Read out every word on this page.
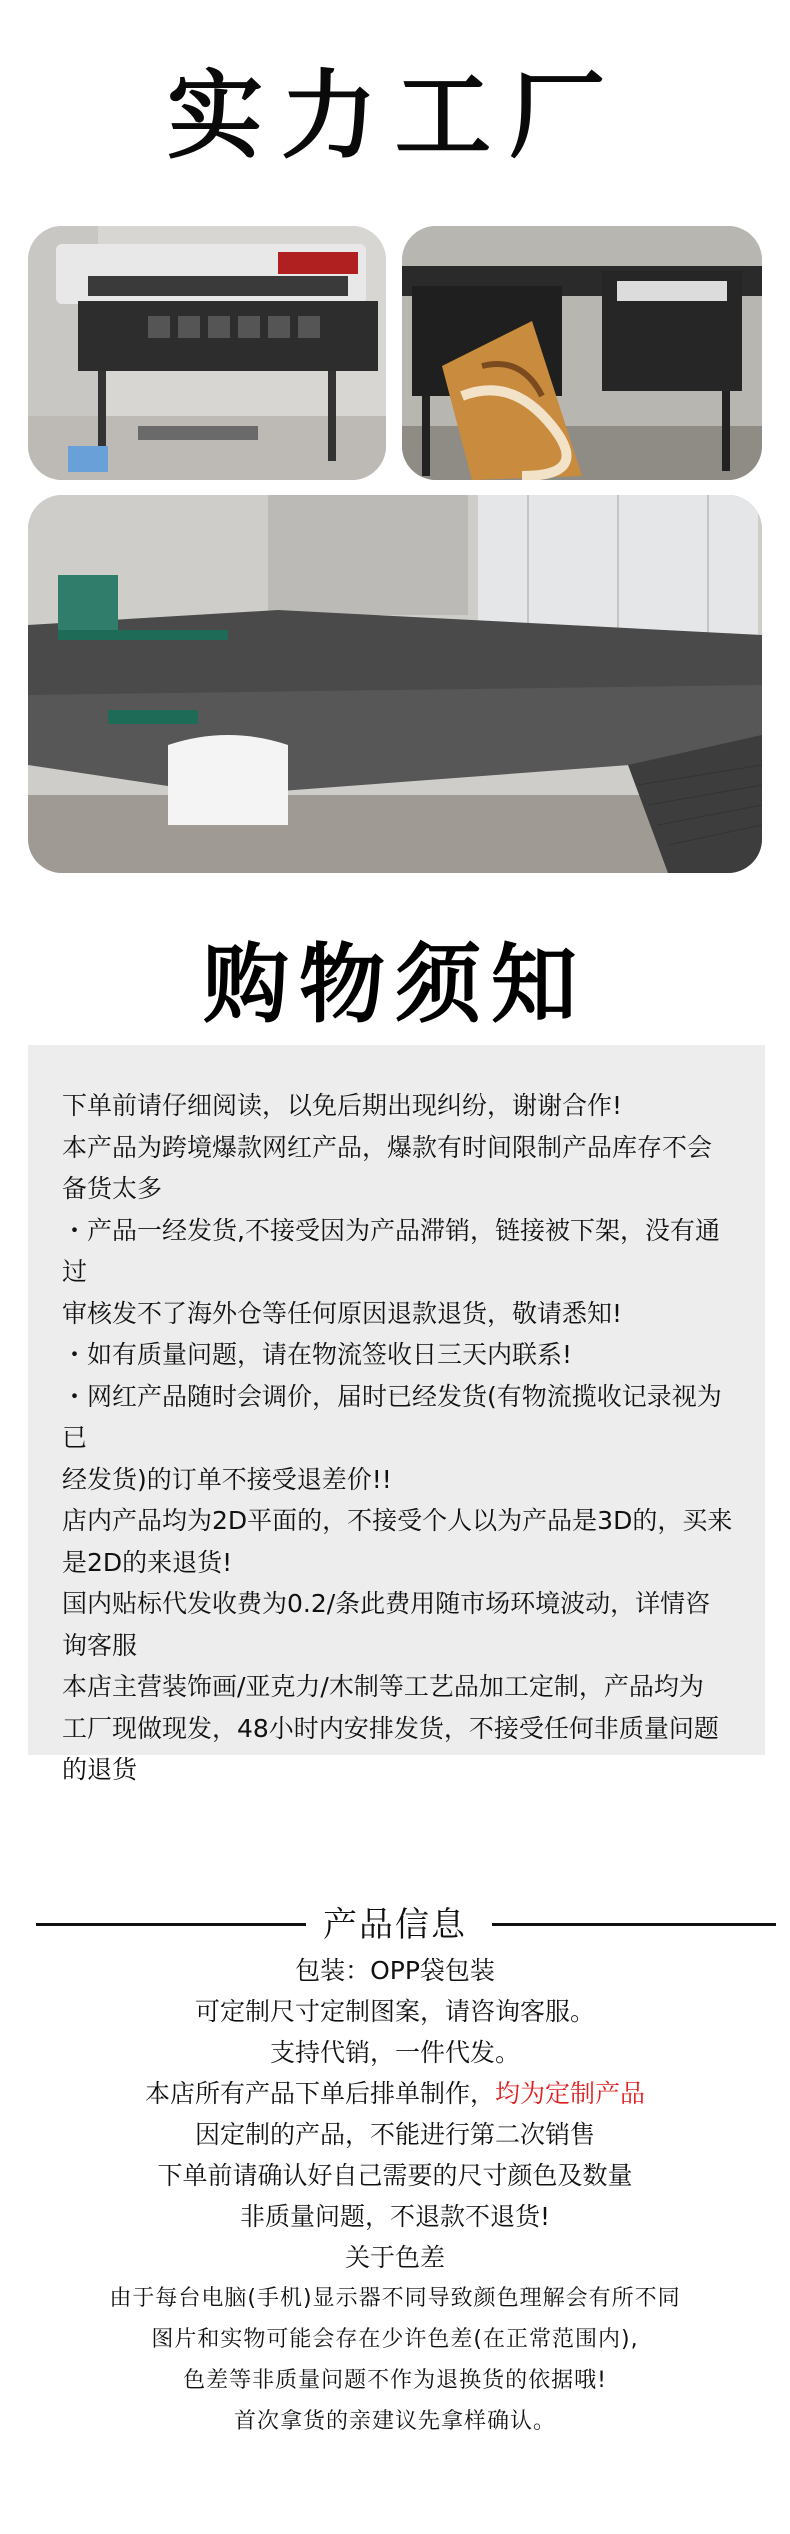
实力工厂
购物须知

下单前请仔细阅读，以免后期出现纠纷，谢谢合作!

本产品为跨境爆款网红产品，爆款有时间限制产品库存不会

备货太多

・产品一经发货,不接受因为产品滞销，链接被下架，没有通过

审核发不了海外仓等任何原因退款退货，敬请悉知!

・如有质量问题，请在物流签收日三天内联系!

・网红产品随时会调价，届时已经发货(有物流揽收记录视为已

经发货)的订单不接受退差价!!

店内产品均为2D平面的，不接受个人以为产品是3D的，买来

是2D的来退货!

国内贴标代发收费为0.2/条此费用随市场环境波动，详情咨

询客服

本店主营装饰画/亚克力/木制等工艺品加工定制，产品均为

工厂现做现发，48小时内安排发货，不接受任何非质量问题

的退货

产品信息
包装：OPP袋包装
可定制尺寸定制图案，请咨询客服。
支持代销，一件代发。
本店所有产品下单后排单制作，均为定制产品
因定制的产品，不能进行第二次销售
下单前请确认好自己需要的尺寸颜色及数量
非质量问题，不退款不退货!
关于色差
由于每台电脑(手机)显示器不同导致颜色理解会有所不同
图片和实物可能会存在少许色差(在正常范围内),
色差等非质量问题不作为退换货的依据哦!
首次拿货的亲建议先拿样确认。
